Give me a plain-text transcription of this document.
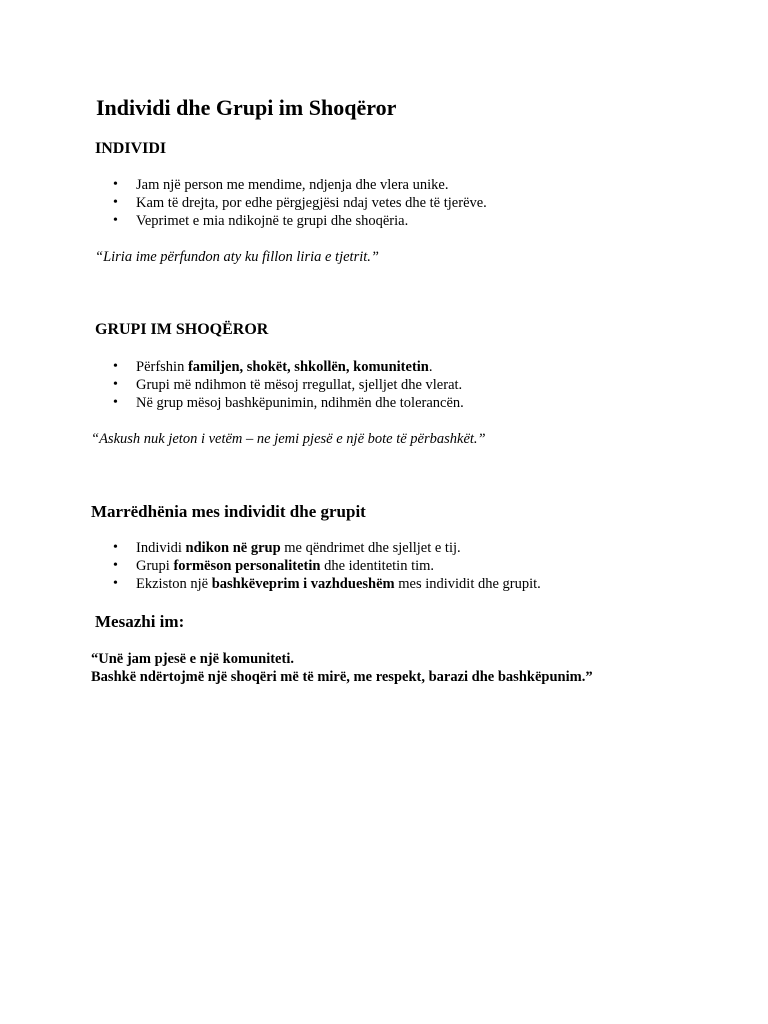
Individi dhe Grupi im Shoqëror
INDIVIDI
• Jam një person me mendime, ndjenja dhe vlera unike.
• Kam të drejta, por edhe përgjegjësi ndaj vetes dhe të tjerëve.
• Veprimet e mia ndikojnë te grupi dhe shoqëria.
“Liria ime përfundon aty ku fillon liria e tjetrit.”
GRUPI IM SHOQËROR
• Përfshin familjen, shokët, shkollën, komunitetin.
• Grupi më ndihmon të mësoj rregullat, sjelljet dhe vlerat.
• Në grup mësoj bashkëpunimin, ndihmën dhe tolerancën.
“Askush nuk jeton i vetëm – ne jemi pjesë e një bote të përbashkët.”
Marrëdhënia mes individit dhe grupit
• Individi ndikon në grup me qëndrimet dhe sjelljet e tij.
• Grupi formëson personalitetin dhe identitetin tim.
• Ekziston një bashkëveprim i vazhdueshëm mes individit dhe grupit.
Mesazhi im:
“Unë jam pjesë e një komuniteti.
Bashkë ndërtojmë një shoqëri më të mirë, me respekt, barazi dhe bashkëpunim.”
